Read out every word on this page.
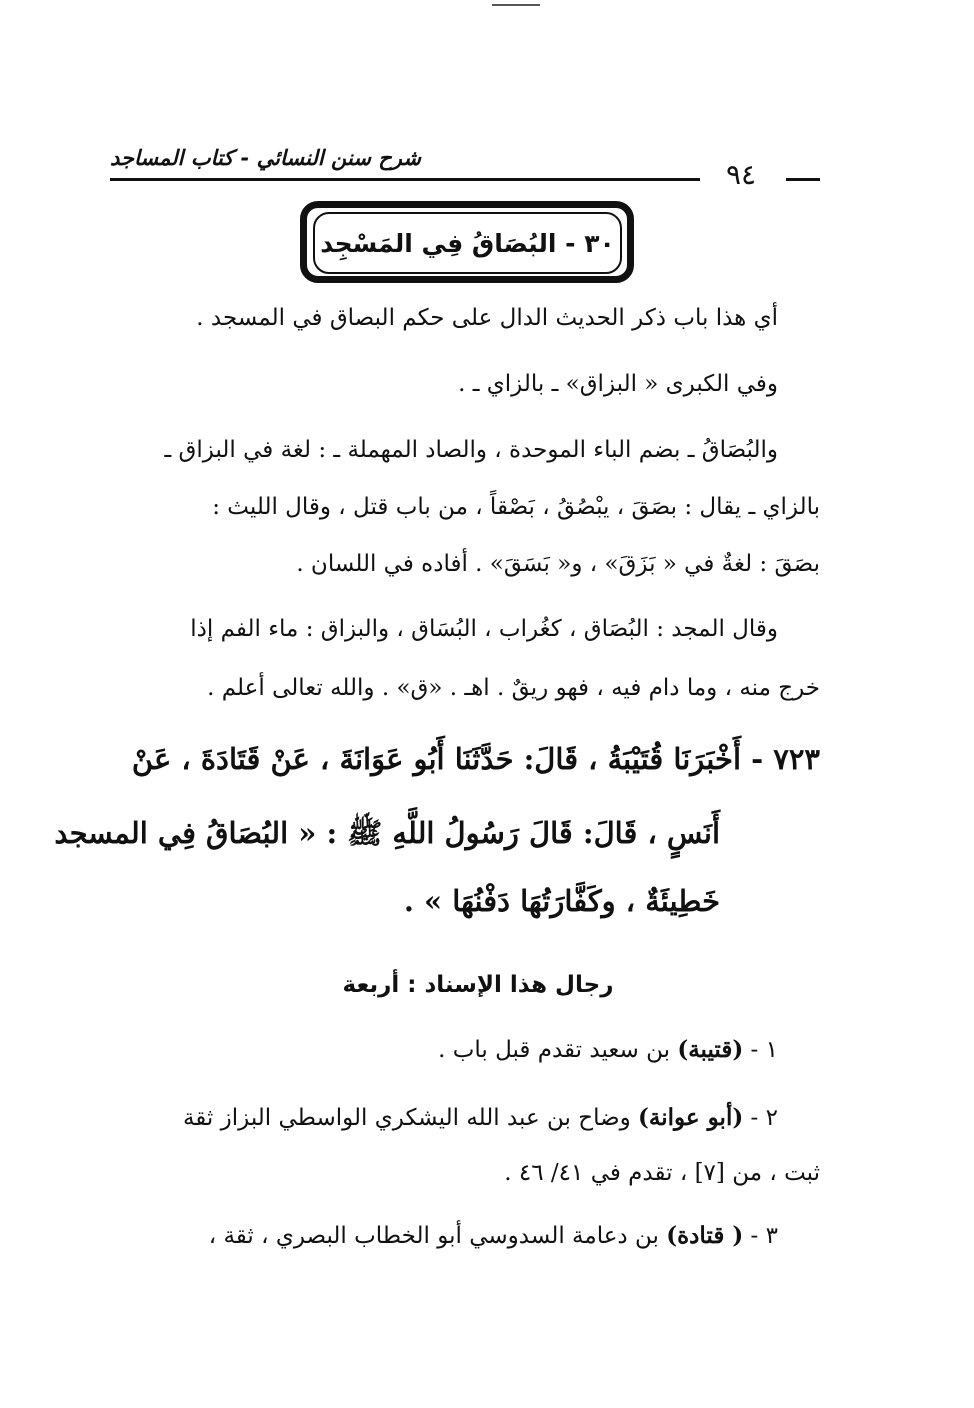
شرح سنن النسائي - كتاب المساجد	٩٤
٣٠ - البُصَاقُ فِي المَسْجِد
أي هذا باب ذكر الحديث الدال على حكم البصاق في المسجد .
وفي الكبرى « البزاق» ـ بالزاي ـ .
والبُصَاقُ ـ بضم الباء الموحدة ، والصاد المهملة ـ : لغة في البزاق ـ
بالزاي ـ يقال : بصَقَ ، يبْصُقُ ، بَصْقاً ، من باب قتل ، وقال الليث :
بصَقَ : لغةٌ في « بَزَقَ» ، و« بَسَقَ» . أفاده في اللسان .
وقال المجد : البُصَاق ، كغُراب ، البُسَاق ، والبزاق : ماء الفم إذا
خرج منه ، وما دام فيه ، فهو ريقٌ . اهـ . «ق» . والله تعالى أعلم .
٧٢٣ - أَخْبَرَنَا قُتَيْبَةُ ، قَالَ: حَدَّثَنَا أَبُو عَوَانَةَ ، عَنْ قَتَادَةَ ، عَنْ
أَنَسٍ ، قَالَ: قَالَ رَسُولُ اللَّهِ ﷺ : « البُصَاقُ فِي المسجد
خَطِيئَةٌ ، وكَفَّارَتُهَا دَفْنُهَا » .
رجال هذا الإسناد : أربعة
١ - (قتيبة) بن سعيد تقدم قبل باب .
٢ - (أبو عوانة) وضاح بن عبد الله اليشكري الواسطي البزاز ثقة
ثبت ، من [٧] ، تقدم في ٤١/ ٤٦ .
٣ - ( قتادة) بن دعامة السدوسي أبو الخطاب البصري ، ثقة ،
